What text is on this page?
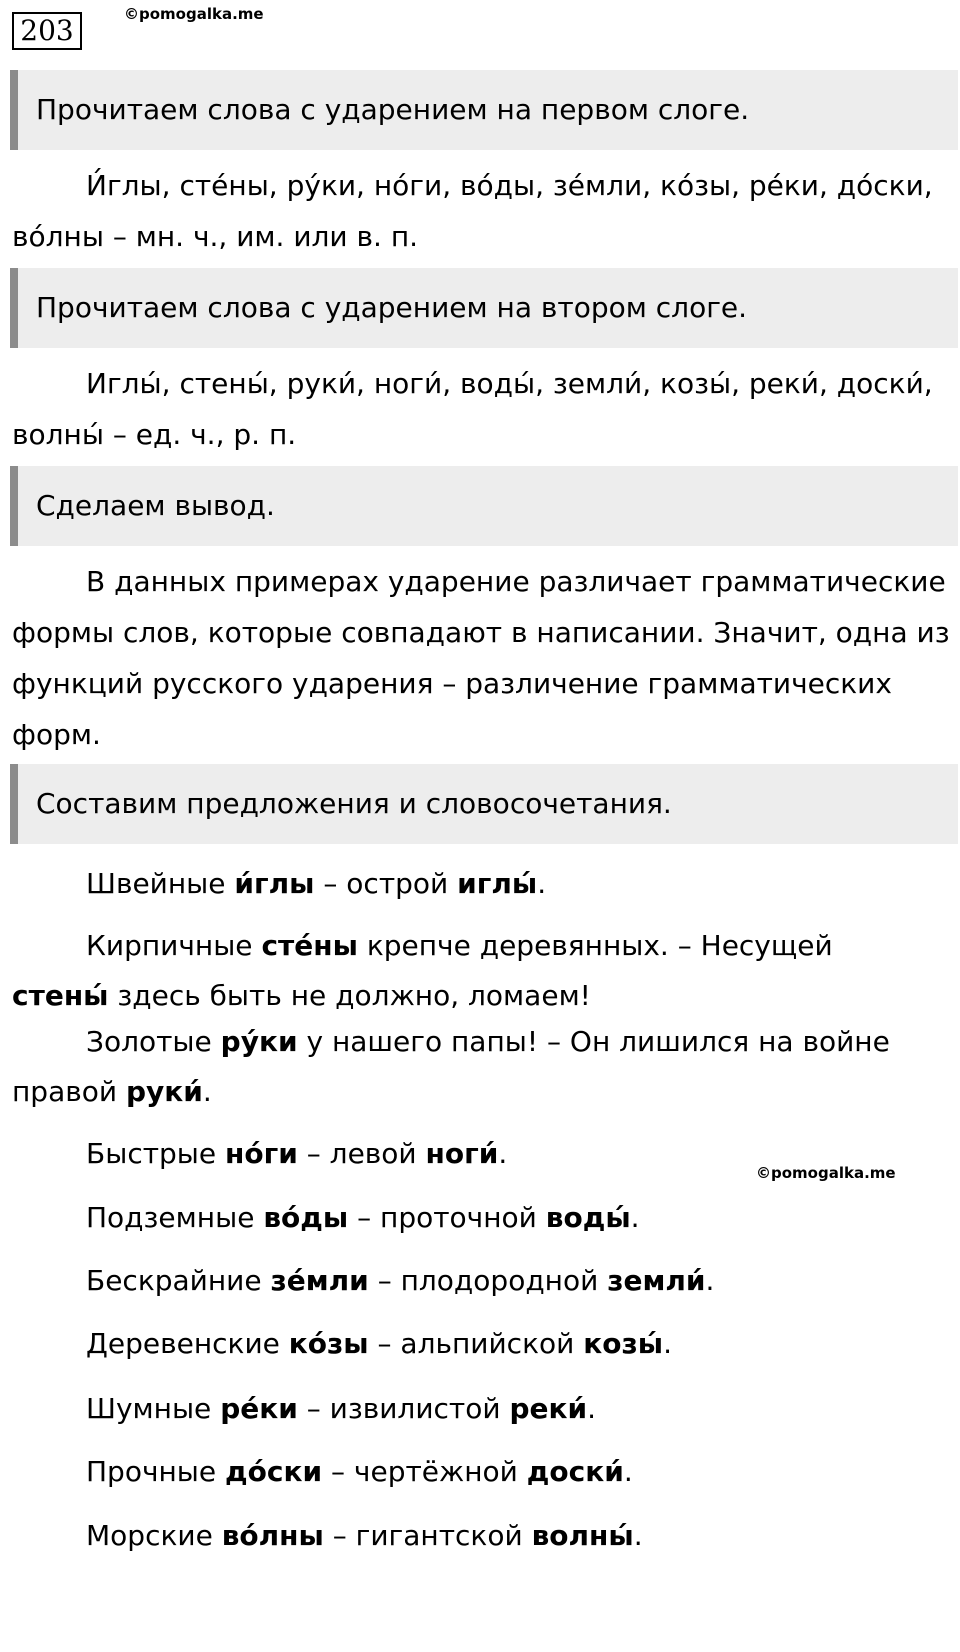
203	©pomogalka.me
Прочитаем слова с ударением на первом слоге.

И́глы, сте́ны, ру́ки, но́ги, во́ды, зе́мли, ко́зы, ре́ки, до́ски, во́лны – мн. ч., им. или в. п.

Прочитаем слова с ударением на втором слоге.

Иглы́, стены́, руки́, ноги́, воды́, земли́, козы́, реки́, доски́, волны́ – ед. ч., р. п.

Сделаем вывод.

В данных примерах ударение различает грамматические формы слов, которые совпадают в написании. Значит, одна из функций русского ударения – различение грамматических форм.

Составим предложения и словосочетания.
Швейные и́глы – острой иглы́.
Кирпичные сте́ны крепче деревянных. – Несущей
стены́ здесь быть не должно, ломаем!
Золотые ру́ки у нашего папы! – Он лишился на войне
правой руки́.
Быстрые но́ги – левой ноги́.
©pomogalka.me
Подземные во́ды – проточной воды́.
Бескрайние зе́мли – плодородной земли́.
Деревенские ко́зы – альпийской козы́.
Шумные ре́ки – извилистой реки́.
Прочные до́ски – чертёжной доски́.
Морские во́лны – гигантской волны́.
